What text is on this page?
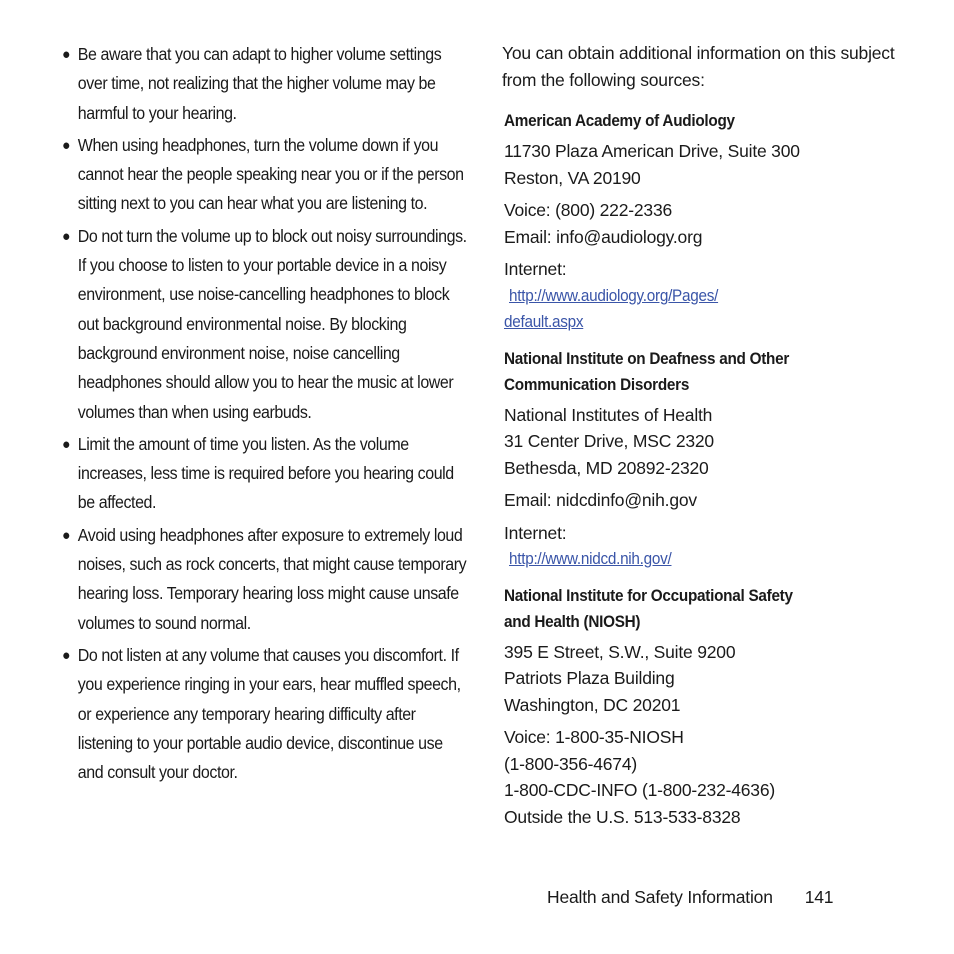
● Be aware that you can adapt to higher volume settings over time, not realizing that the higher volume may be harmful to your hearing.
● When using headphones, turn the volume down if you cannot hear the people speaking near you or if the person sitting next to you can hear what you are listening to.
● Do not turn the volume up to block out noisy surroundings. If you choose to listen to your portable device in a noisy environment, use noise-cancelling headphones to block out background environmental noise. By blocking background environment noise, noise cancelling headphones should allow you to hear the music at lower volumes than when using earbuds.
● Limit the amount of time you listen. As the volume increases, less time is required before you hearing could be affected.
● Avoid using headphones after exposure to extremely loud noises, such as rock concerts, that might cause temporary hearing loss. Temporary hearing loss might cause unsafe volumes to sound normal.
● Do not listen at any volume that causes you discomfort. If you experience ringing in your ears, hear muffled speech, or experience any temporary hearing difficulty after listening to your portable audio device, discontinue use and consult your doctor.

You can obtain additional information on this subject from the following sources:

American Academy of Audiology
11730 Plaza American Drive, Suite 300
Reston, VA 20190
Voice: (800) 222-2336
Email: info@audiology.org
Internet:
http://www.audiology.org/Pages/
default.aspx
National Institute on Deafness and Other
Communication Disorders
National Institutes of Health
31 Center Drive, MSC 2320
Bethesda, MD 20892-2320
Email: nidcdinfo@nih.gov
Internet:
http://www.nidcd.nih.gov/
National Institute for Occupational Safety
and Health (NIOSH)
395 E Street, S.W., Suite 9200
Patriots Plaza Building
Washington, DC 20201
Voice: 1-800-35-NIOSH
(1-800-356-4674)
1-800-CDC-INFO (1-800-232-4636)
Outside the U.S. 513-533-8328
Health and Safety Information 141
